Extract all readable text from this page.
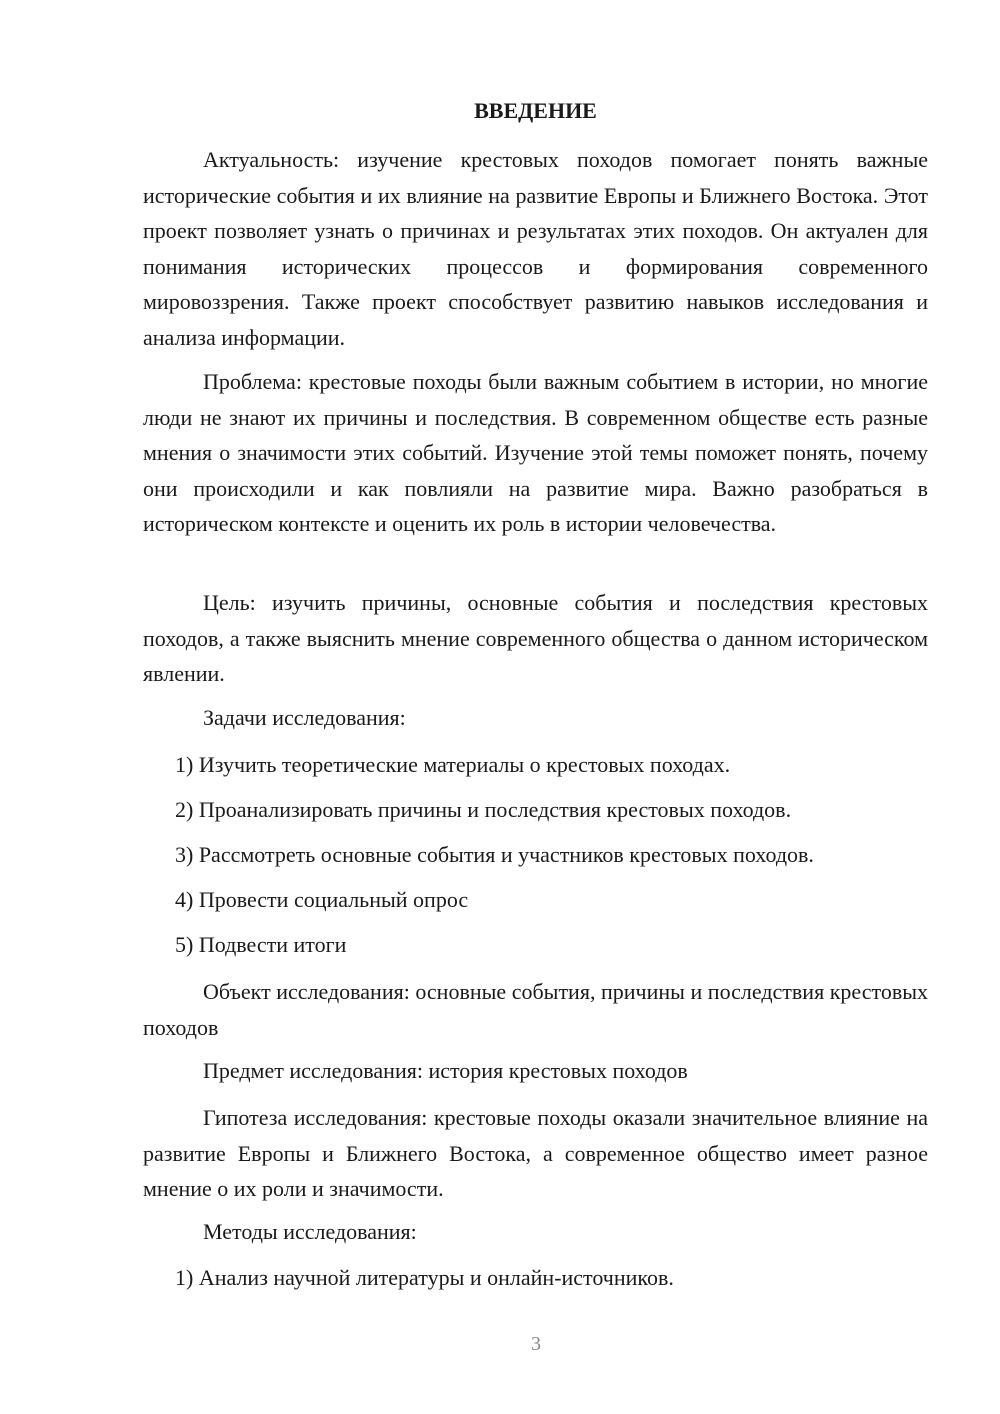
ВВЕДЕНИЕ

Актуальность: изучение крестовых походов помогает понять важные исторические события и их влияние на развитие Европы и Ближнего Востока. Этот проект позволяет узнать о причинах и результатах этих походов. Он актуален для понимания исторических процессов и формирования современного мировоззрения. Также проект способствует развитию навыков исследования и анализа информации.

Проблема: крестовые походы были важным событием в истории, но многие люди не знают их причины и последствия. В современном обществе есть разные мнения о значимости этих событий. Изучение этой темы поможет понять, почему они происходили и как повлияли на развитие мира. Важно разобраться в историческом контексте и оценить их роль в истории человечества.

Цель: изучить причины, основные события и последствия крестовых походов, а также выяснить мнение современного общества о данном историческом явлении.

Задачи исследования:

1) Изучить теоретические материалы о крестовых походах.

2) Проанализировать причины и последствия крестовых походов.

3) Рассмотреть основные события и участников крестовых походов.

4) Провести социальный опрос

5) Подвести итоги

Объект исследования: основные события, причины и последствия крестовых походов

Предмет исследования: история крестовых походов

Гипотеза исследования: крестовые походы оказали значительное влияние на развитие Европы и Ближнего Востока, а современное общество имеет разное мнение о их роли и значимости.

Методы исследования:

1) Анализ научной литературы и онлайн-источников.

3
